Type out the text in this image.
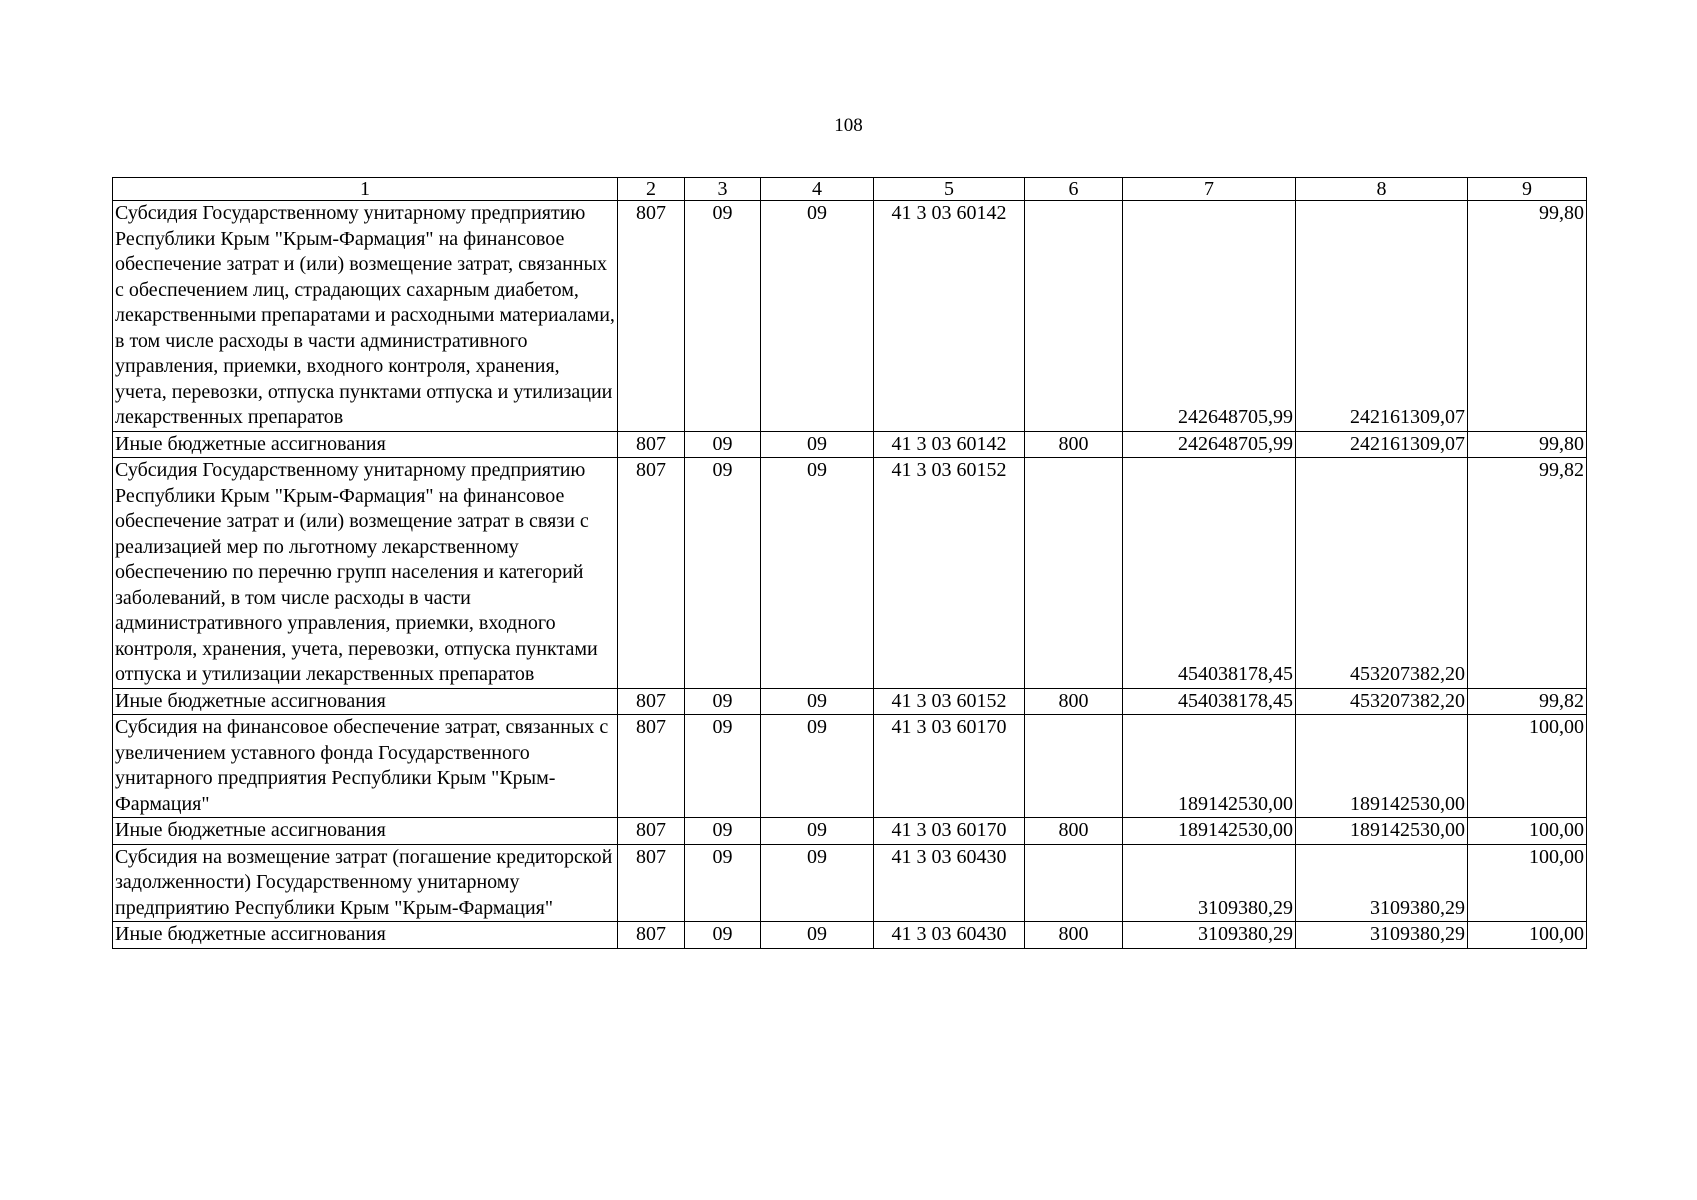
108
1	2	3	4	5	6	7	8	9
Субсидия Государственному унитарному предприятию Республики Крым "Крым-Фармация" на финансовое обеспечение затрат и (или) возмещение затрат, связанных с обеспечением лиц, страдающих сахарным диабетом, лекарственными препаратами и расходными материалами, в том числе расходы в части административного управления, приемки, входного контроля, хранения, учета, перевозки, отпуска пунктами отпуска и утилизации лекарственных препаратов	807	09	09	41 3 03 60142		242648705,99	242161309,07	99,80
Иные бюджетные ассигнования	807	09	09	41 3 03 60142	800	242648705,99	242161309,07	99,80
Субсидия Государственному унитарному предприятию Республики Крым "Крым-Фармация" на финансовое обеспечение затрат и (или) возмещение затрат в связи с реализацией мер по льготному лекарственному обеспечению по перечню групп населения и категорий заболеваний, в том числе расходы в части административного управления, приемки, входного контроля, хранения, учета, перевозки, отпуска пунктами отпуска и утилизации лекарственных препаратов	807	09	09	41 3 03 60152		454038178,45	453207382,20	99,82
Иные бюджетные ассигнования	807	09	09	41 3 03 60152	800	454038178,45	453207382,20	99,82
Субсидия на финансовое обеспечение затрат, связанных с увеличением уставного фонда Государственного унитарного предприятия Республики Крым "Крым-Фармация"	807	09	09	41 3 03 60170		189142530,00	189142530,00	100,00
Иные бюджетные ассигнования	807	09	09	41 3 03 60170	800	189142530,00	189142530,00	100,00
Субсидия на возмещение затрат (погашение кредиторской задолженности) Государственному унитарному предприятию Республики Крым "Крым-Фармация"	807	09	09	41 3 03 60430		3109380,29	3109380,29	100,00
Иные бюджетные ассигнования	807	09	09	41 3 03 60430	800	3109380,29	3109380,29	100,00
